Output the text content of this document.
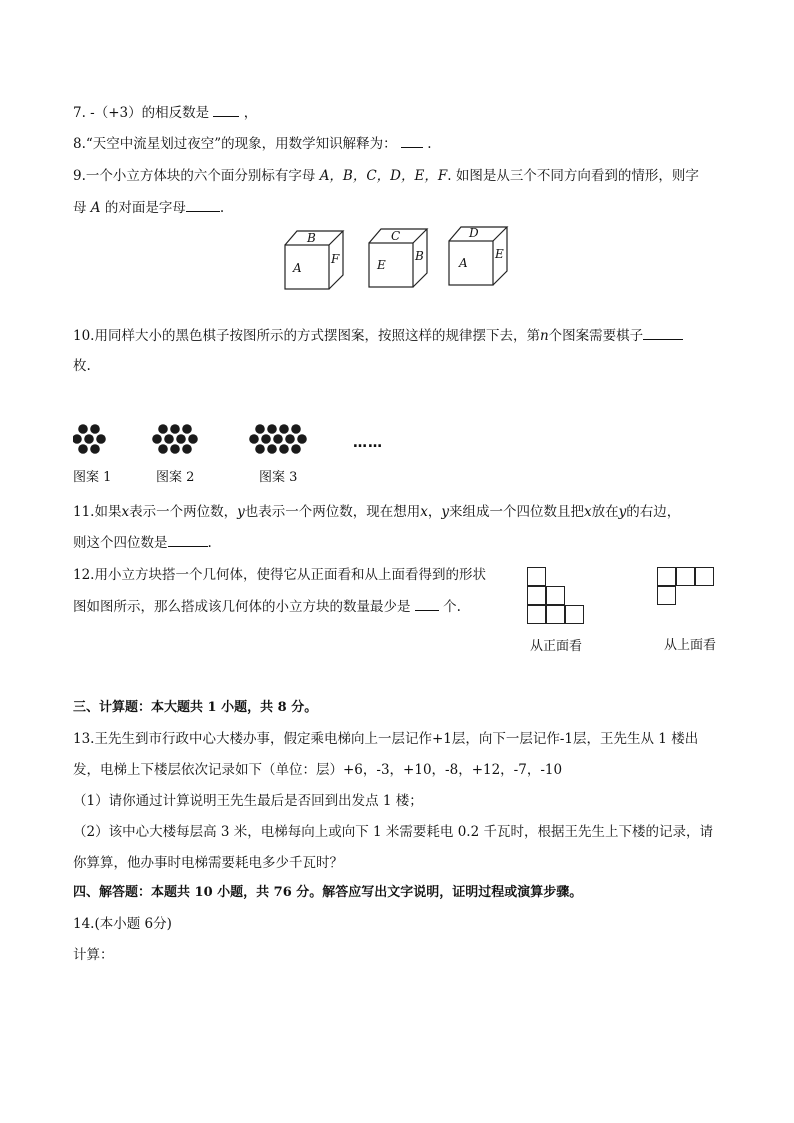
7. -（+3）的相反数是	，
8.“天空中流星划过夜空”的现象，用数学知识解释为： .
9.一个小立方体块的六个面分别标有字母 A，B，C，D，E，F. 如图是从三个不同方向看到的情形，则字
母 A 的对面是字母	.
B
A
F
C
E
B
D
A
E
10.用同样大小的黑色棋子按图所示的方式摆图案，按照这样的规律摆下去，第n个图案需要棋子
枚.
……
图案 1	图案 2	图案 3
11.如果x表示一个两位数，y也表示一个两位数，现在想用x，y来组成一个四位数且把x放在y的右边，
则这个四位数是	.
12.用小立方块搭一个几何体，使得它从正面看和从上面看得到的形状
图如图所示，那么搭成该几何体的小立方块的数量最少是 个.
从正面看	从上面看
三、计算题：本大题共 1 小题，共 8 分。
13.王先生到市行政中心大楼办事，假定乘电梯向上一层记作+1层，向下一层记作-1层，王先生从 1 楼出
发，电梯上下楼层依次记录如下（单位：层）+6，-3，+10，-8，+12，-7，-10
（1）请你通过计算说明王先生最后是否回到出发点 1 楼；
（2）该中心大楼每层高 3 米，电梯每向上或向下 1 米需要耗电 0.2 千瓦时，根据王先生上下楼的记录，请
你算算，他办事时电梯需要耗电多少千瓦时？
四、解答题：本题共 10 小题，共 76 分。解答应写出文字说明，证明过程或演算步骤。
14.(本小题 6分)
计算：
